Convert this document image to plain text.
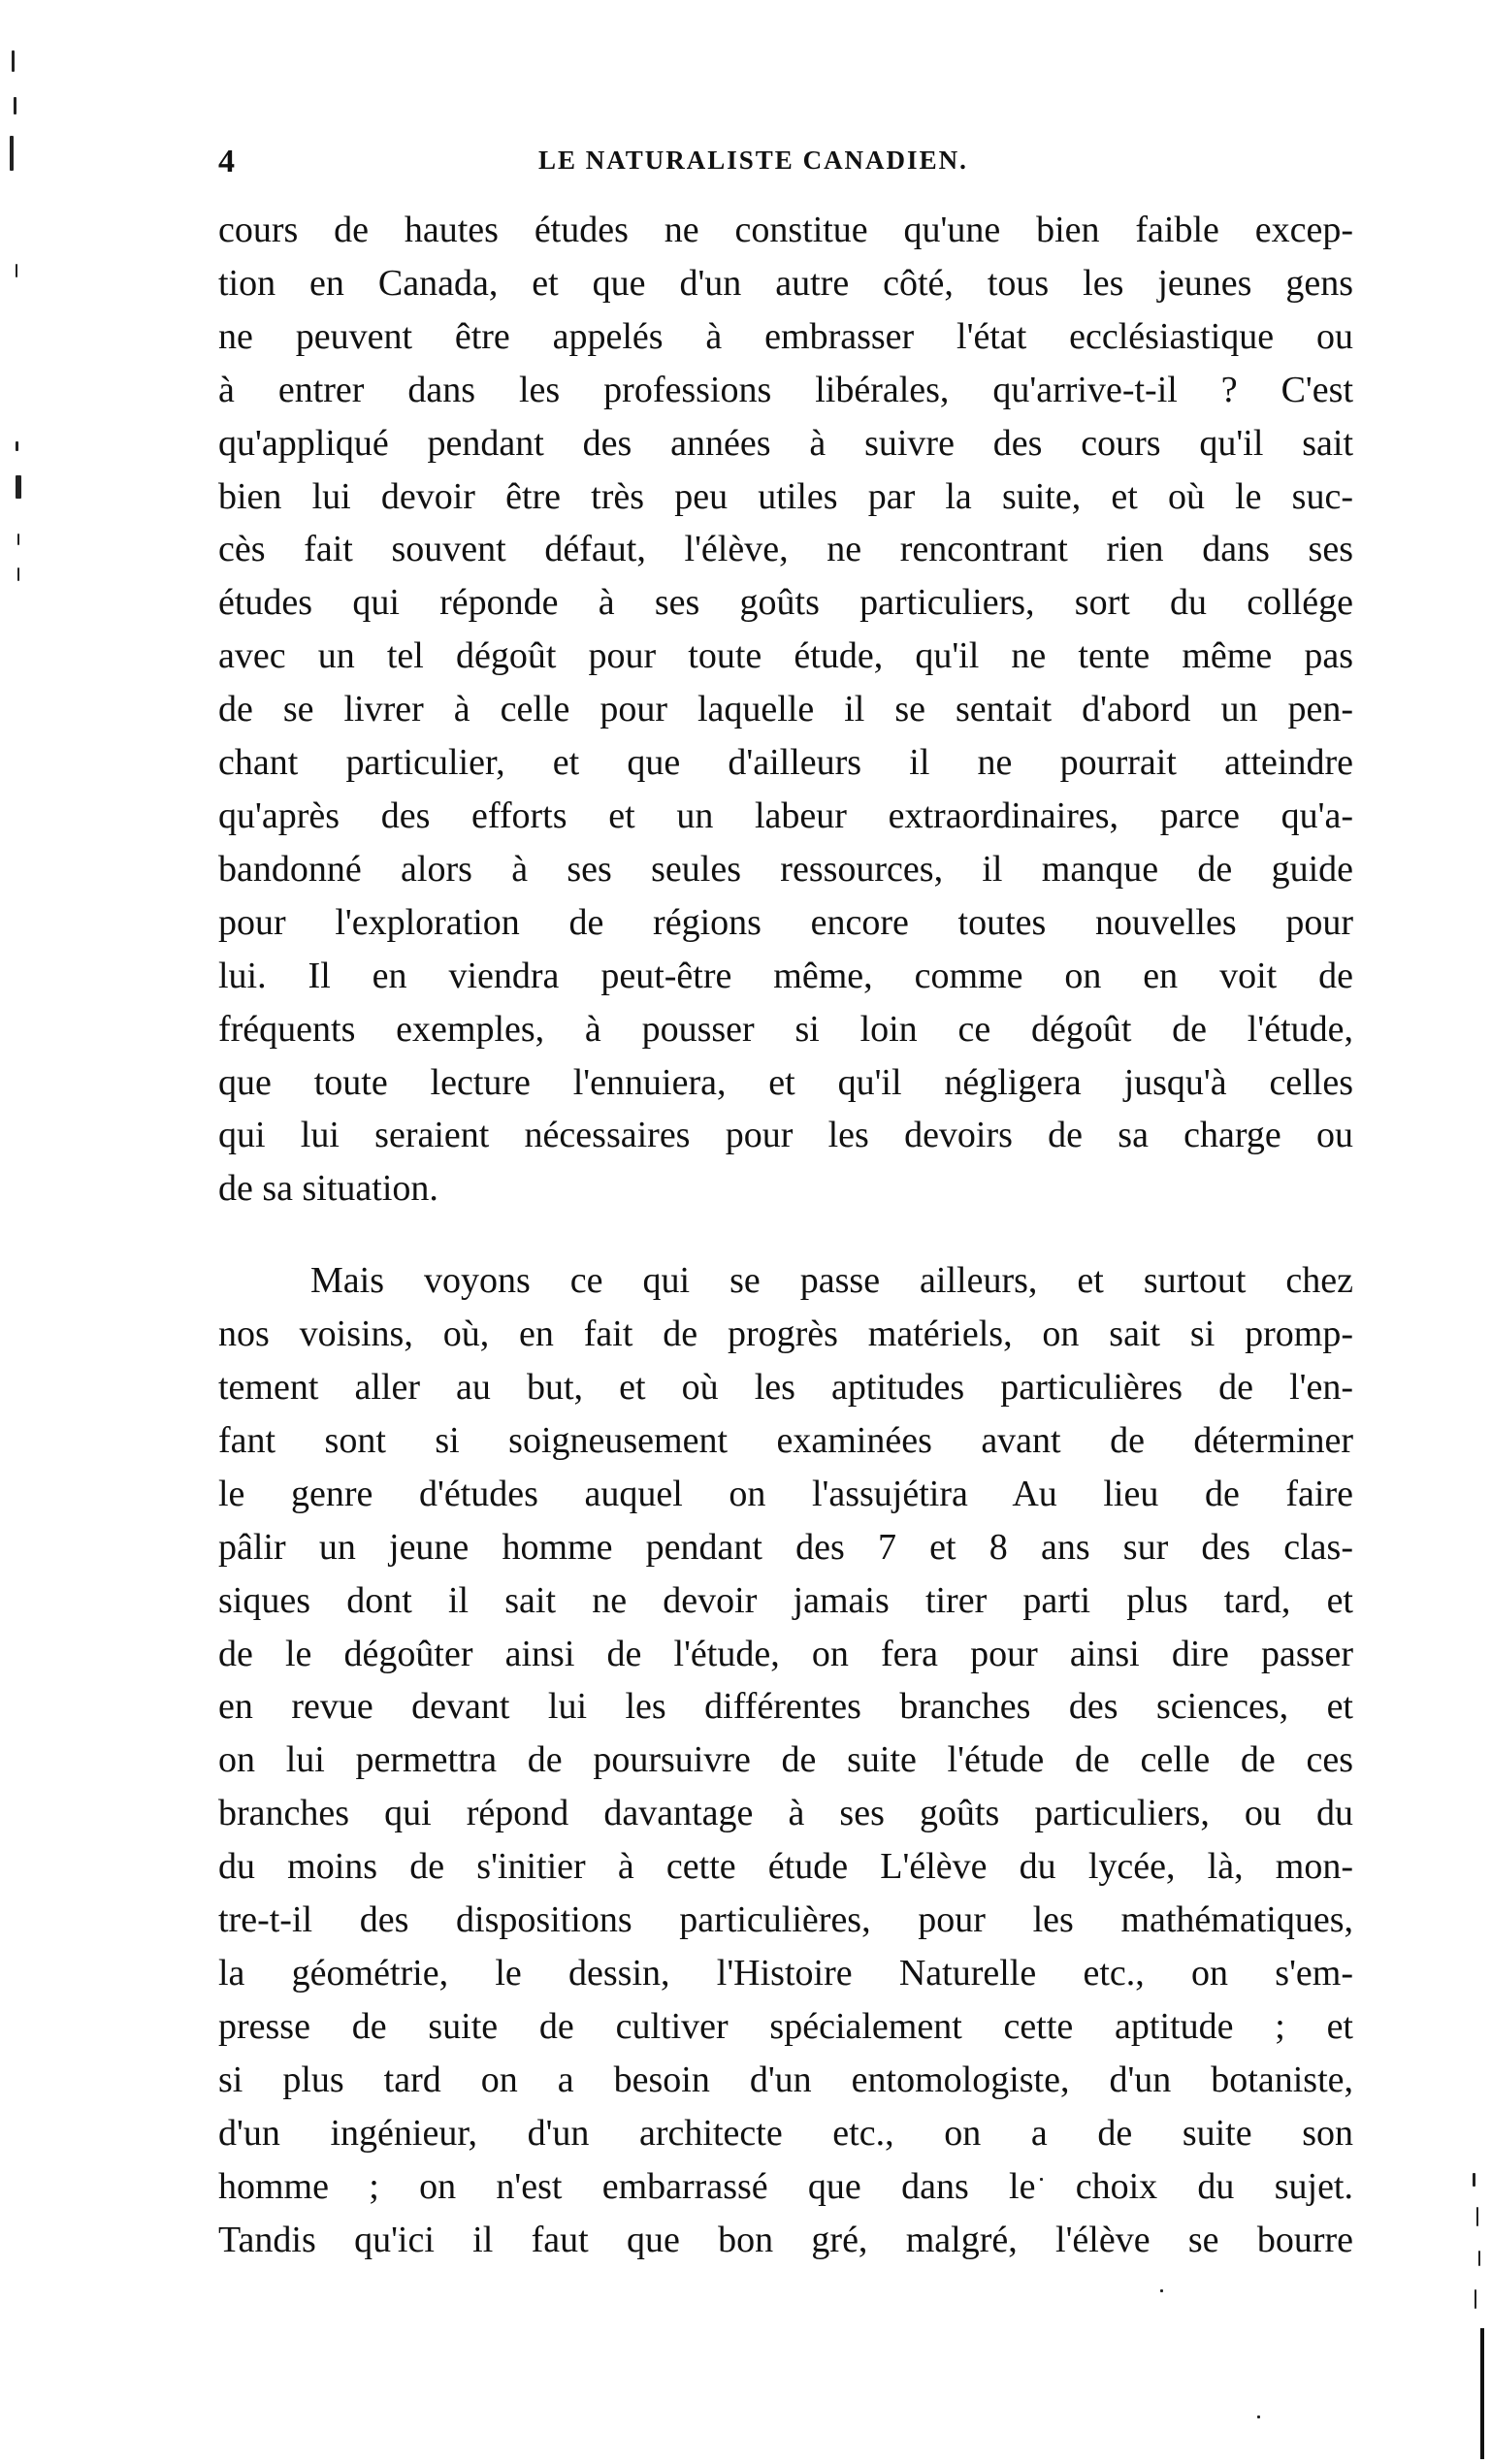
4	LE NATURALISTE CANADIEN.
cours de hautes études ne constitue qu'une bien faible excep-
tion en Canada, et que d'un autre côté, tous les jeunes gens
ne peuvent être appelés à embrasser l'état ecclésiastique ou
à entrer dans les professions libérales, qu'arrive-t-il ? C'est
qu'appliqué pendant des années à suivre des cours qu'il sait
bien lui devoir être très peu utiles par la suite, et où le suc-
cès fait souvent défaut, l'élève, ne rencontrant rien dans ses
études qui réponde à ses goûts particuliers, sort du collége
avec un tel dégoût pour toute étude, qu'il ne tente même pas
de se livrer à celle pour laquelle il se sentait d'abord un pen-
chant particulier, et que d'ailleurs il ne pourrait atteindre
qu'après des efforts et un labeur extraordinaires, parce qu'a-
bandonné alors à ses seules ressources, il manque de guide
pour l'exploration de régions encore toutes nouvelles pour
lui. Il en viendra peut-être même, comme on en voit de
fréquents exemples, à pousser si loin ce dégoût de l'étude,
que toute lecture l'ennuiera, et qu'il négligera jusqu'à celles
qui lui seraient nécessaires pour les devoirs de sa charge ou
de sa situation.
Mais voyons ce qui se passe ailleurs, et surtout chez
nos voisins, où, en fait de progrès matériels, on sait si promp-
tement aller au but, et où les aptitudes particulières de l'en-
fant sont si soigneusement examinées avant de déterminer
le genre d'études auquel on l'assujétira Au lieu de faire
pâlir un jeune homme pendant des 7 et 8 ans sur des clas-
siques dont il sait ne devoir jamais tirer parti plus tard, et
de le dégoûter ainsi de l'étude, on fera pour ainsi dire passer
en revue devant lui les différentes branches des sciences, et
on lui permettra de poursuivre de suite l'étude de celle de ces
branches qui répond davantage à ses goûts particuliers, ou du
du moins de s'initier à cette étude L'élève du lycée, là, mon-
tre-t-il des dispositions particulières, pour les mathématiques,
la géométrie, le dessin, l'Histoire Naturelle etc., on s'em-
presse de suite de cultiver spécialement cette aptitude ; et
si plus tard on a besoin d'un entomologiste, d'un botaniste,
d'un ingénieur, d'un architecte etc., on a de suite son
homme ; on n'est embarrassé que dans le choix du sujet.
Tandis qu'ici il faut que bon gré, malgré, l'élève se bourre
